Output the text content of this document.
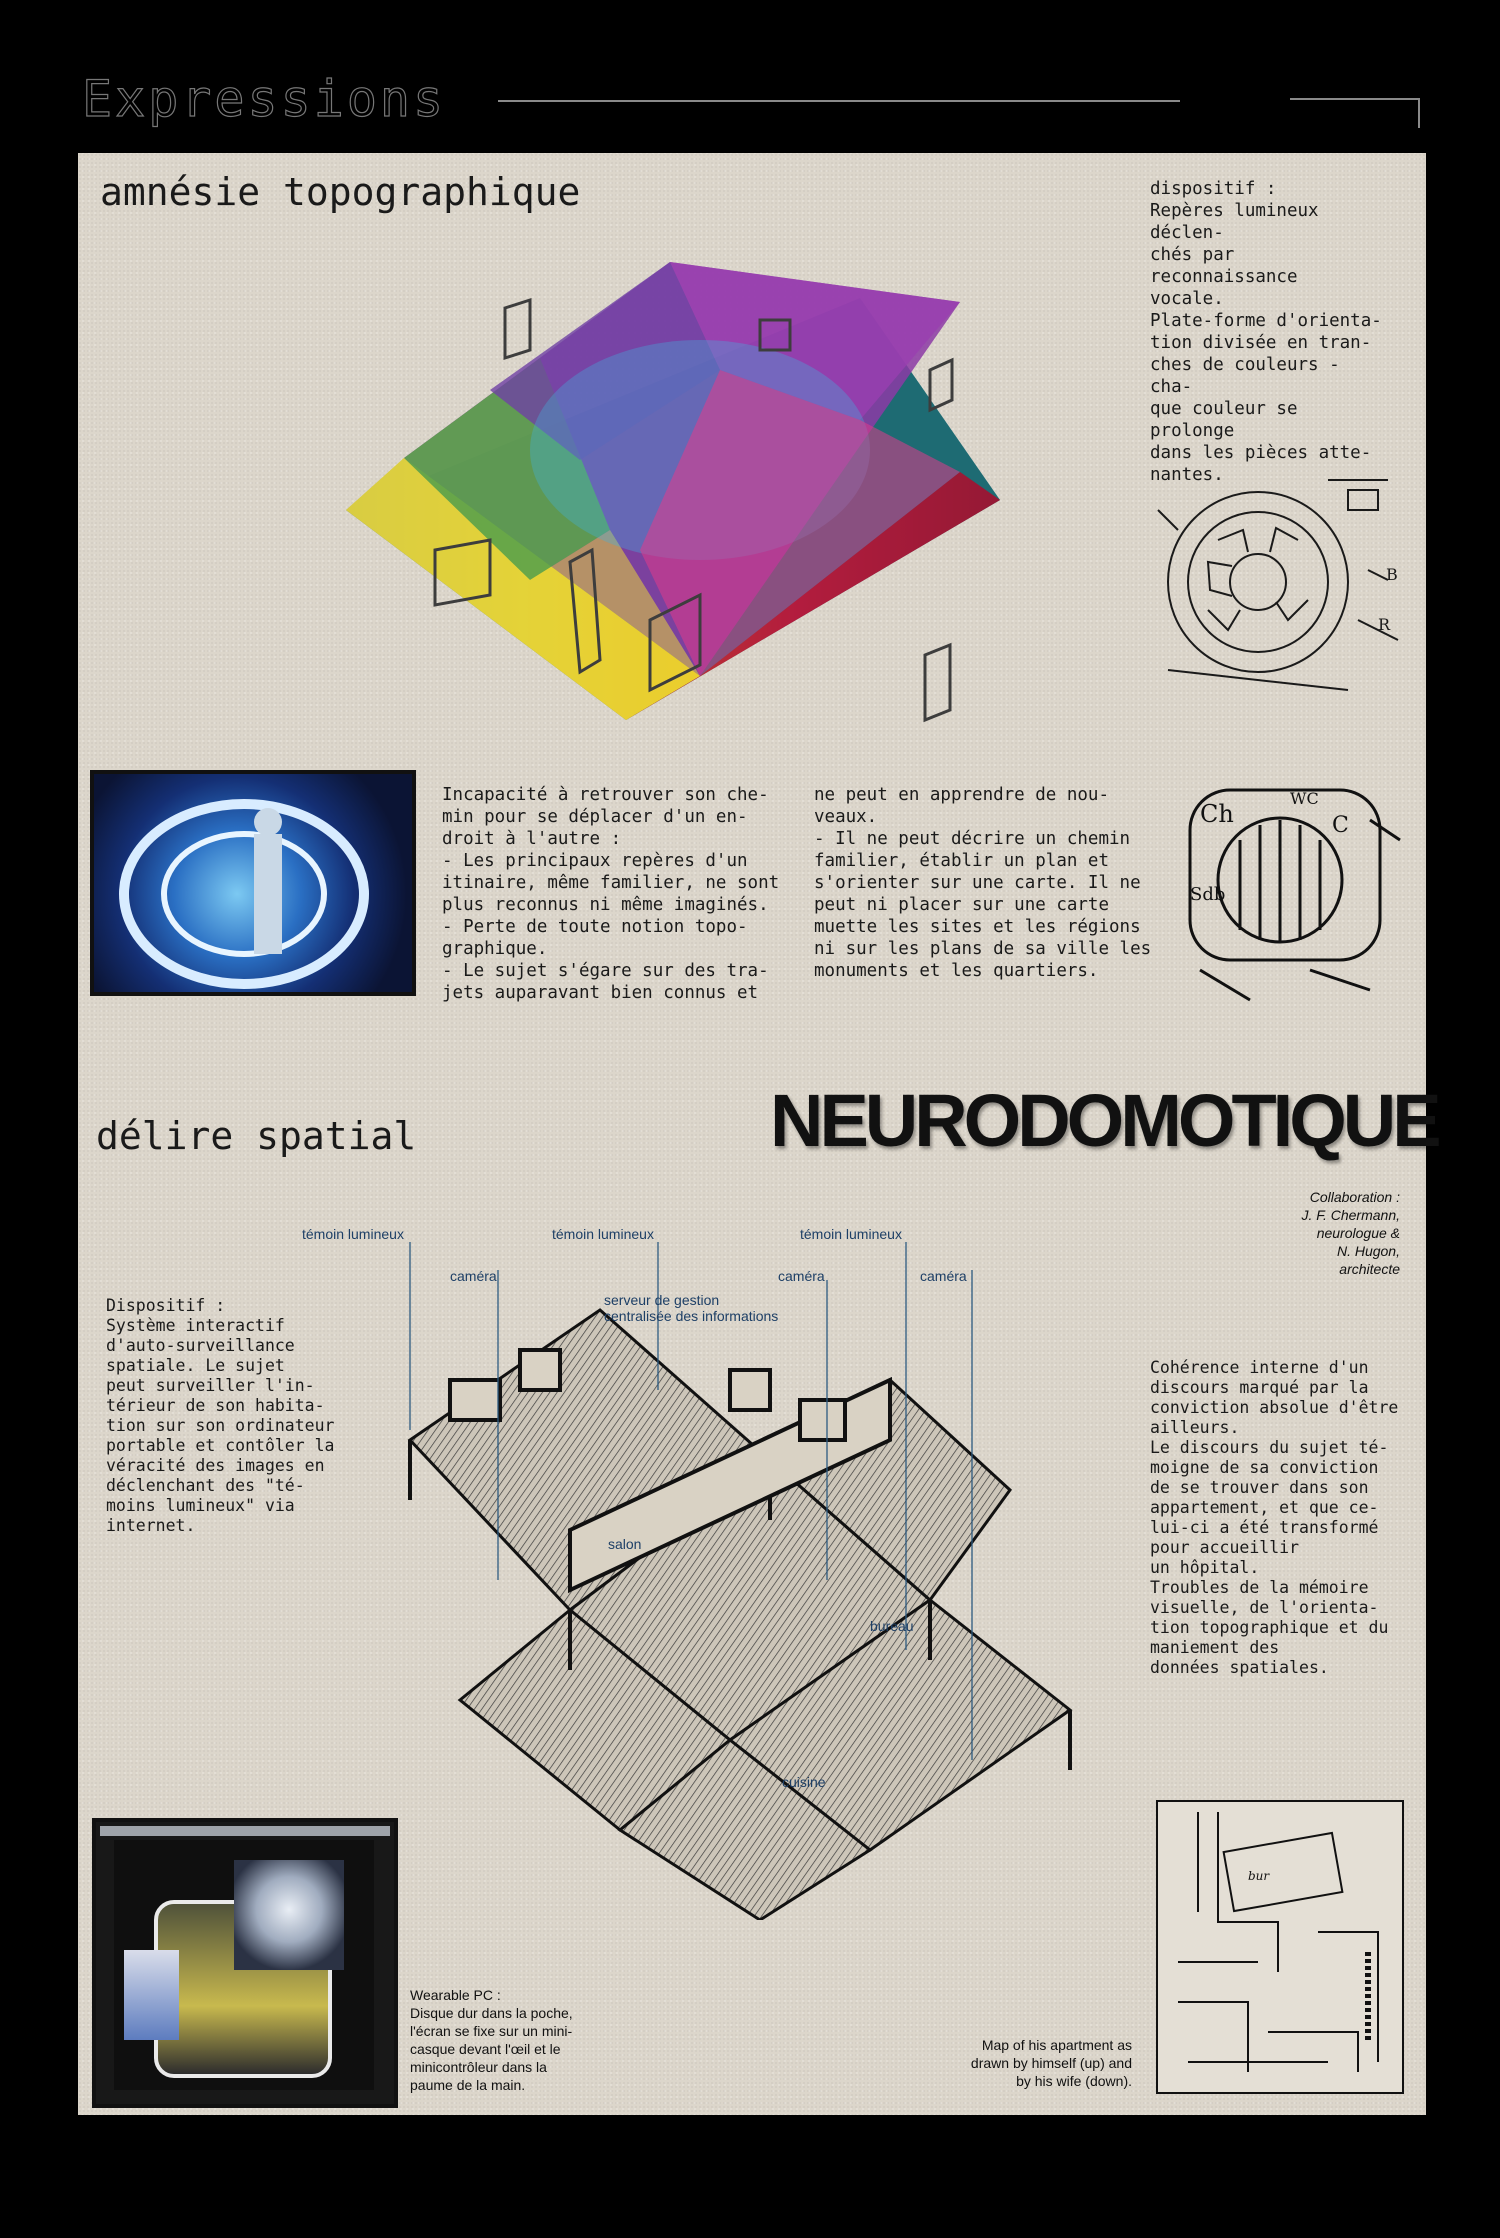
Expressions
amnésie topographique	dispositif :
Repères lumineux déclen-
chés par reconnaissance
vocale.
Plate-forme d'orienta-
tion divisée en tran-
ches de couleurs - cha-
que couleur se prolonge
dans les pièces atte-
nantes.
B
R
Incapacité à retrouver son che-
min pour se déplacer d'un en-
droit à l'autre :
- Les principaux repères d'un
itinaire, même familier, ne sont
plus reconnus ni même imaginés.
- Perte de toute notion topo-
graphique.
- Le sujet s'égare sur des tra-
jets auparavant bien connus et
ne peut en apprendre de nou-
veaux.
- Il ne peut décrire un chemin
familier, établir un plan et
s'orienter sur une carte. Il ne
peut ni placer sur une carte
muette les sites et les régions
ni sur les plans de sa ville les
monuments et les quartiers.
Ch
WC
C
Sdb
délire spatial	NEURODOMOTIQUE
Collaboration :
J. F. Chermann,
neurologue &
N. Hugon,
architecte
Dispositif :
Système interactif
d'auto-surveillance
spatiale. Le sujet
peut surveiller l'in-
térieur de son habita-
tion sur son ordinateur
portable et contôler la
véracité des images en
déclenchant des "té-
moins lumineux" via
internet.
témoin lumineux	témoin lumineux	témoin lumineux
caméra	caméra	caméra
serveur de gestion
centralisée des informations
salon
bureau
cuisine
Cohérence interne d'un
discours marqué par la
conviction absolue d'être
ailleurs.
Le discours du sujet té-
moigne de sa conviction
de se trouver dans son
appartement, et que ce-
lui-ci a été transformé
pour accueillir
un hôpital.
Troubles de la mémoire
visuelle, de l'orienta-
tion topographique et du
maniement des
données spatiales.
Wearable PC :
Disque dur dans la poche,
l'écran se fixe sur un mini-
casque devant l'œil et le
minicontrôleur dans la
paume de la main.
Map of his apartment as
drawn by himself (up) and
by his wife (down).
bur
